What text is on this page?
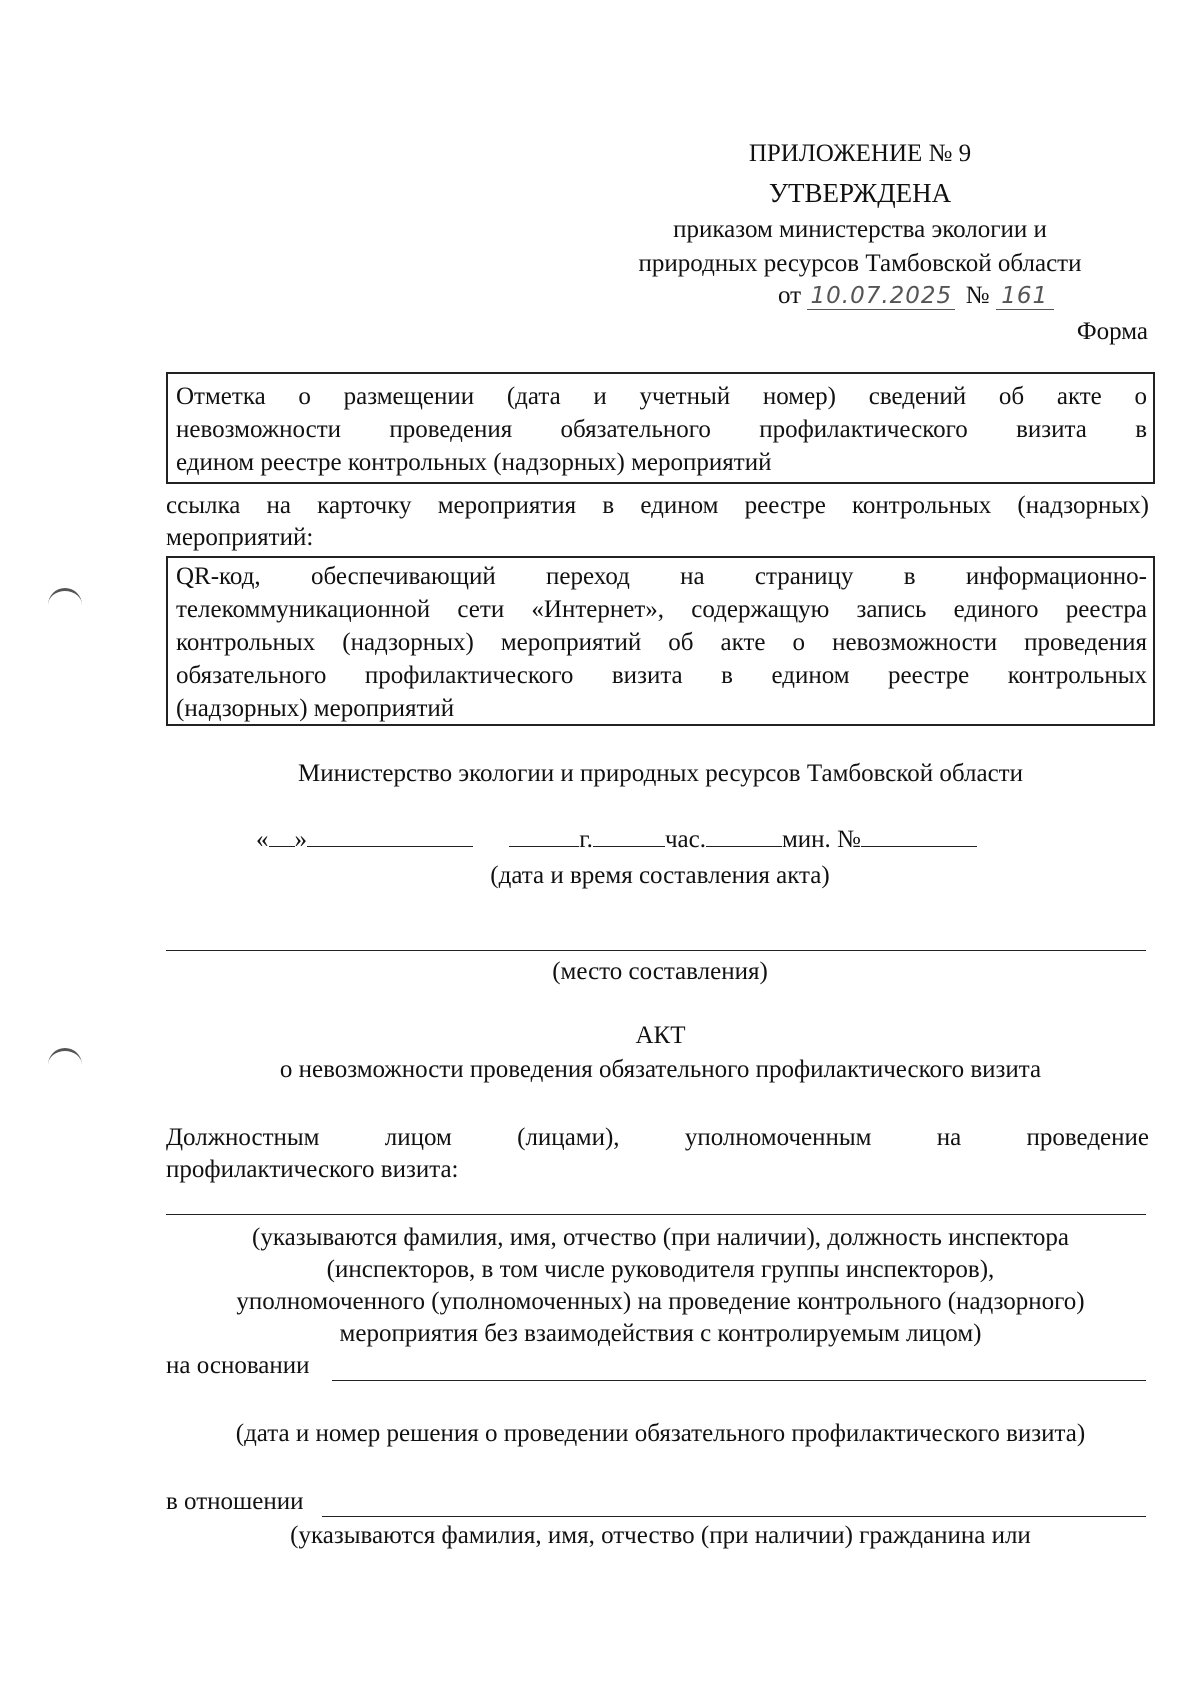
ПРИЛОЖЕНИЕ № 9
УТВЕРЖДЕНА
приказом министерства экологии и
природных ресурсов Тамбовской области
от 10.07.2025 № 161
Форма
Отметка о размещении (дата и учетный номер) сведений об акте о
невозможности проведения обязательного профилактического визита в
едином реестре контрольных (надзорных) мероприятий
ссылка на карточку мероприятия в едином реестре контрольных (надзорных)
мероприятий:
QR-код, обеспечивающий переход на страницу в информационно-
телекоммуникационной сети «Интернет», содержащую запись единого реестра
контрольных (надзорных) мероприятий об акте о невозможности проведения
обязательного профилактического визита в едином реестре контрольных
(надзорных) мероприятий
Министерство экологии и природных ресурсов Тамбовской области
« »	г.	час.	мин. №
(дата и время составления акта)
(место составления)
АКТ
о невозможности проведения обязательного профилактического визита
Должностным лицом (лицами), уполномоченным на проведение
профилактического визита:
(указываются фамилия, имя, отчество (при наличии), должность инспектора
(инспекторов, в том числе руководителя группы инспекторов),
уполномоченного (уполномоченных) на проведение контрольного (надзорного)
мероприятия без взаимодействия с контролируемым лицом)
на основании
(дата и номер решения о проведении обязательного профилактического визита)
в отношении
(указываются фамилия, имя, отчество (при наличии) гражданина или
